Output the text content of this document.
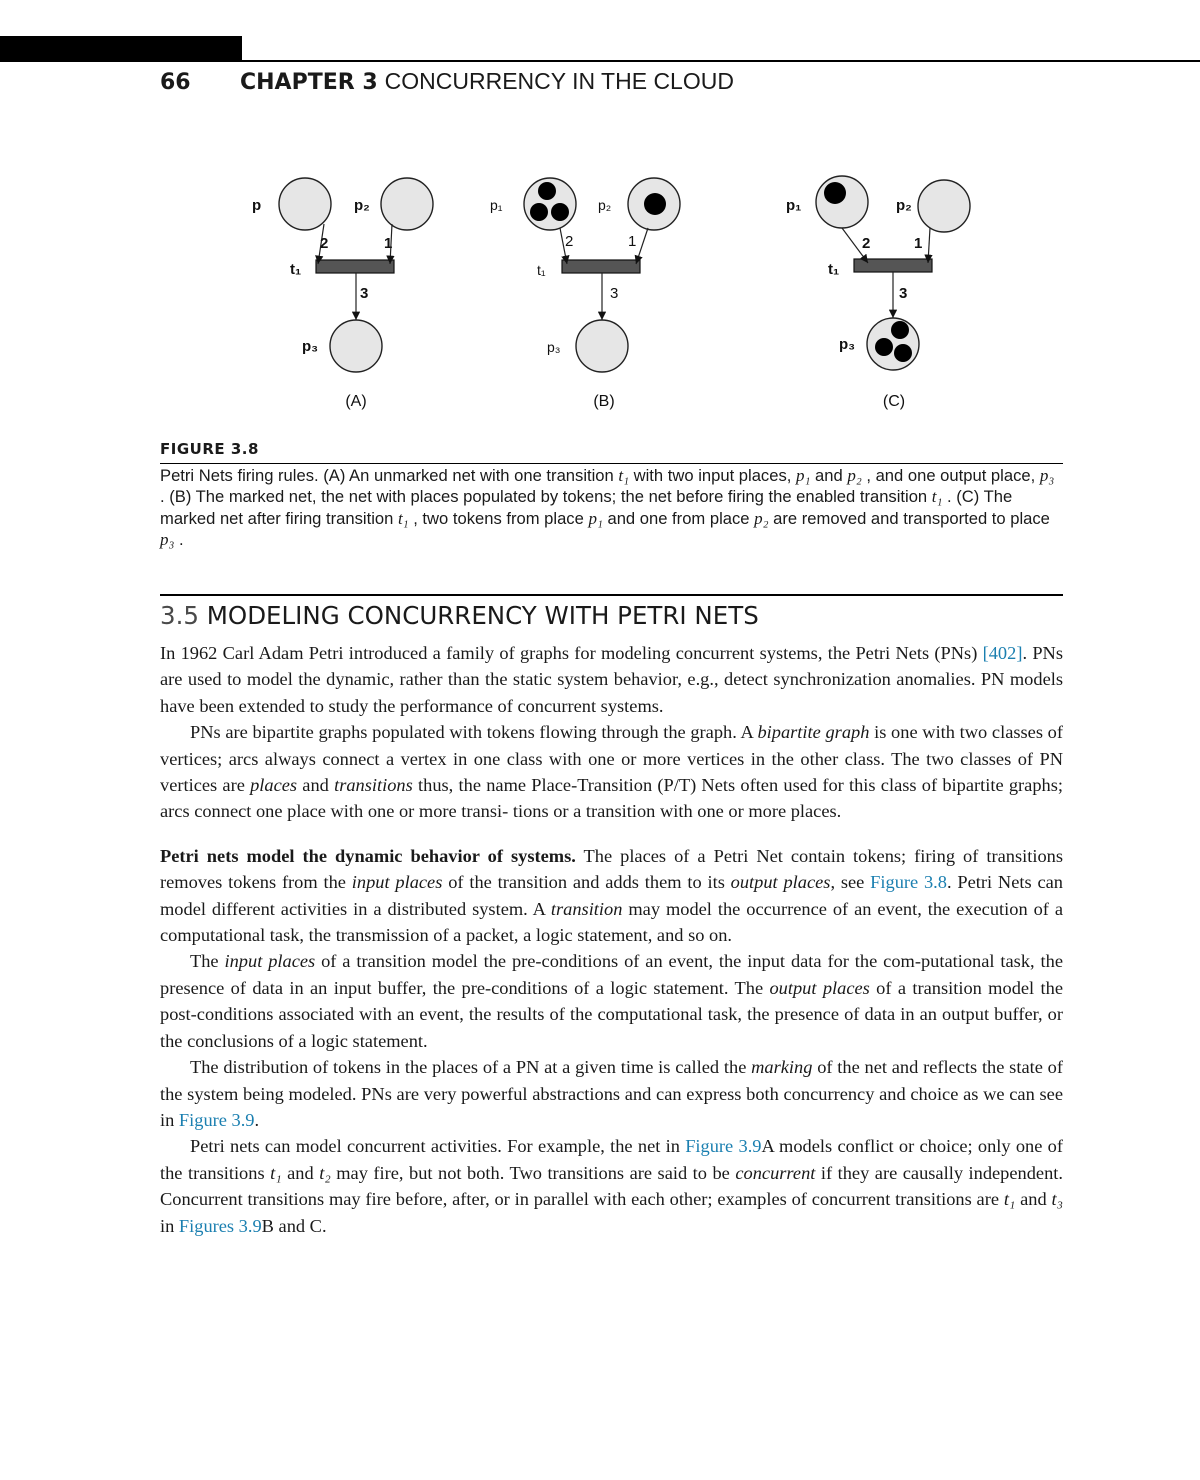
66 CHAPTER 3 CONCURRENCY IN THE CLOUD
p	p₂
p₃
t₁
2	1
3
(A)
p₁	p₂
p₃
t₁
2	1
3
(B)
p₁	p₂
p₃
t₁
2	1
3
(C)
FIGURE 3.8
Petri Nets firing rules. (A) An unmarked net with one transition t₁ with two input places, p₁ and p₂ , and one output place, p₃ . (B) The marked net, the net with places populated by tokens; the net before firing the enabled transition t₁ . (C) The marked net after firing transition t₁ , two tokens from place p₁ and one from place p₂ are removed and transported to place p₃ .
3.5 MODELING CONCURRENCY WITH PETRI NETS

In 1962 Carl Adam Petri introduced a family of graphs for modeling concurrent systems, the Petri Nets (PNs) [402]. PNs are used to model the dynamic, rather than the static system behavior, e.g., detect synchronization anomalies. PN models have been extended to study the performance of concurrent systems.

PNs are bipartite graphs populated with tokens flowing through the graph. A bipartite graph is one with two classes of vertices; arcs always connect a vertex in one class with one or more vertices in the other class. The two classes of PN vertices are places and transitions thus, the name Place-Transition (P/T) Nets often used for this class of bipartite graphs; arcs connect one place with one or more transi- tions or a transition with one or more places.

Petri nets model the dynamic behavior of systems. The places of a Petri Net contain tokens; firing of transitions removes tokens from the input places of the transition and adds them to its output places, see Figure 3.8. Petri Nets can model different activities in a distributed system. A transition may model the occurrence of an event, the execution of a computational task, the transmission of a packet, a logic statement, and so on.

The input places of a transition model the pre-conditions of an event, the input data for the com-putational task, the presence of data in an input buffer, the pre-conditions of a logic statement. The output places of a transition model the post-conditions associated with an event, the results of the computational task, the presence of data in an output buffer, or the conclusions of a logic statement.

The distribution of tokens in the places of a PN at a given time is called the marking of the net and reflects the state of the system being modeled. PNs are very powerful abstractions and can express both concurrency and choice as we can see in Figure 3.9.

Petri nets can model concurrent activities. For example, the net in Figure 3.9A models conflict or choice; only one of the transitions t₁ and t₂ may fire, but not both. Two transitions are said to be concurrent if they are causally independent. Concurrent transitions may fire before, after, or in parallel with each other; examples of concurrent transitions are t₁ and t₃ in Figures 3.9B and C.
